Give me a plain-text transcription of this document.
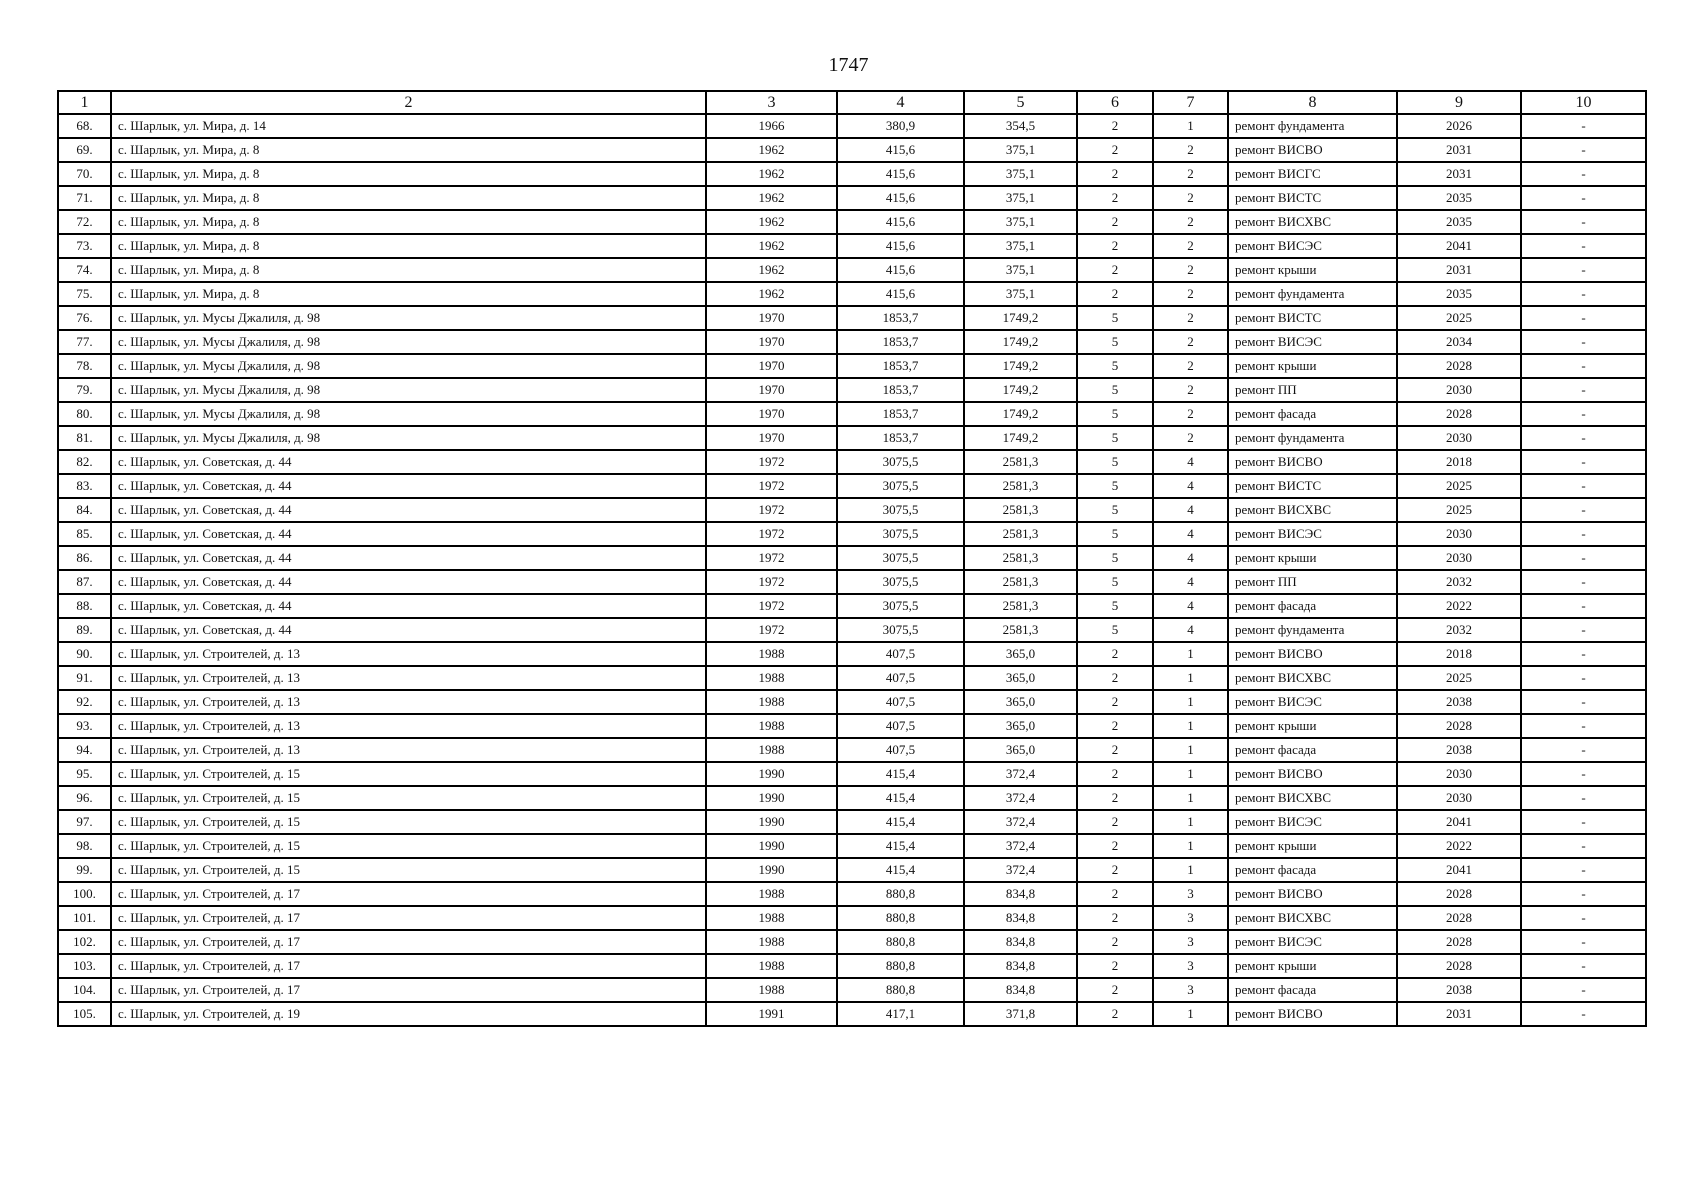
1747
1	2	3	4	5	6	7	8	9	10
68.	с. Шарлык, ул. Мира, д. 14	1966	380,9	354,5	2	1	ремонт фундамента	2026	-
69.	с. Шарлык, ул. Мира, д. 8	1962	415,6	375,1	2	2	ремонт ВИСВО	2031	-
70.	с. Шарлык, ул. Мира, д. 8	1962	415,6	375,1	2	2	ремонт ВИСГС	2031	-
71.	с. Шарлык, ул. Мира, д. 8	1962	415,6	375,1	2	2	ремонт ВИСТС	2035	-
72.	с. Шарлык, ул. Мира, д. 8	1962	415,6	375,1	2	2	ремонт ВИСХВС	2035	-
73.	с. Шарлык, ул. Мира, д. 8	1962	415,6	375,1	2	2	ремонт ВИСЭС	2041	-
74.	с. Шарлык, ул. Мира, д. 8	1962	415,6	375,1	2	2	ремонт крыши	2031	-
75.	с. Шарлык, ул. Мира, д. 8	1962	415,6	375,1	2	2	ремонт фундамента	2035	-
76.	с. Шарлык, ул. Мусы Джалиля, д. 98	1970	1853,7	1749,2	5	2	ремонт ВИСТС	2025	-
77.	с. Шарлык, ул. Мусы Джалиля, д. 98	1970	1853,7	1749,2	5	2	ремонт ВИСЭС	2034	-
78.	с. Шарлык, ул. Мусы Джалиля, д. 98	1970	1853,7	1749,2	5	2	ремонт крыши	2028	-
79.	с. Шарлык, ул. Мусы Джалиля, д. 98	1970	1853,7	1749,2	5	2	ремонт ПП	2030	-
80.	с. Шарлык, ул. Мусы Джалиля, д. 98	1970	1853,7	1749,2	5	2	ремонт фасада	2028	-
81.	с. Шарлык, ул. Мусы Джалиля, д. 98	1970	1853,7	1749,2	5	2	ремонт фундамента	2030	-
82.	с. Шарлык, ул. Советская, д. 44	1972	3075,5	2581,3	5	4	ремонт ВИСВО	2018	-
83.	с. Шарлык, ул. Советская, д. 44	1972	3075,5	2581,3	5	4	ремонт ВИСТС	2025	-
84.	с. Шарлык, ул. Советская, д. 44	1972	3075,5	2581,3	5	4	ремонт ВИСХВС	2025	-
85.	с. Шарлык, ул. Советская, д. 44	1972	3075,5	2581,3	5	4	ремонт ВИСЭС	2030	-
86.	с. Шарлык, ул. Советская, д. 44	1972	3075,5	2581,3	5	4	ремонт крыши	2030	-
87.	с. Шарлык, ул. Советская, д. 44	1972	3075,5	2581,3	5	4	ремонт ПП	2032	-
88.	с. Шарлык, ул. Советская, д. 44	1972	3075,5	2581,3	5	4	ремонт фасада	2022	-
89.	с. Шарлык, ул. Советская, д. 44	1972	3075,5	2581,3	5	4	ремонт фундамента	2032	-
90.	с. Шарлык, ул. Строителей, д. 13	1988	407,5	365,0	2	1	ремонт ВИСВО	2018	-
91.	с. Шарлык, ул. Строителей, д. 13	1988	407,5	365,0	2	1	ремонт ВИСХВС	2025	-
92.	с. Шарлык, ул. Строителей, д. 13	1988	407,5	365,0	2	1	ремонт ВИСЭС	2038	-
93.	с. Шарлык, ул. Строителей, д. 13	1988	407,5	365,0	2	1	ремонт крыши	2028	-
94.	с. Шарлык, ул. Строителей, д. 13	1988	407,5	365,0	2	1	ремонт фасада	2038	-
95.	с. Шарлык, ул. Строителей, д. 15	1990	415,4	372,4	2	1	ремонт ВИСВО	2030	-
96.	с. Шарлык, ул. Строителей, д. 15	1990	415,4	372,4	2	1	ремонт ВИСХВС	2030	-
97.	с. Шарлык, ул. Строителей, д. 15	1990	415,4	372,4	2	1	ремонт ВИСЭС	2041	-
98.	с. Шарлык, ул. Строителей, д. 15	1990	415,4	372,4	2	1	ремонт крыши	2022	-
99.	с. Шарлык, ул. Строителей, д. 15	1990	415,4	372,4	2	1	ремонт фасада	2041	-
100.	с. Шарлык, ул. Строителей, д. 17	1988	880,8	834,8	2	3	ремонт ВИСВО	2028	-
101.	с. Шарлык, ул. Строителей, д. 17	1988	880,8	834,8	2	3	ремонт ВИСХВС	2028	-
102.	с. Шарлык, ул. Строителей, д. 17	1988	880,8	834,8	2	3	ремонт ВИСЭС	2028	-
103.	с. Шарлык, ул. Строителей, д. 17	1988	880,8	834,8	2	3	ремонт крыши	2028	-
104.	с. Шарлык, ул. Строителей, д. 17	1988	880,8	834,8	2	3	ремонт фасада	2038	-
105.	с. Шарлык, ул. Строителей, д. 19	1991	417,1	371,8	2	1	ремонт ВИСВО	2031	-
